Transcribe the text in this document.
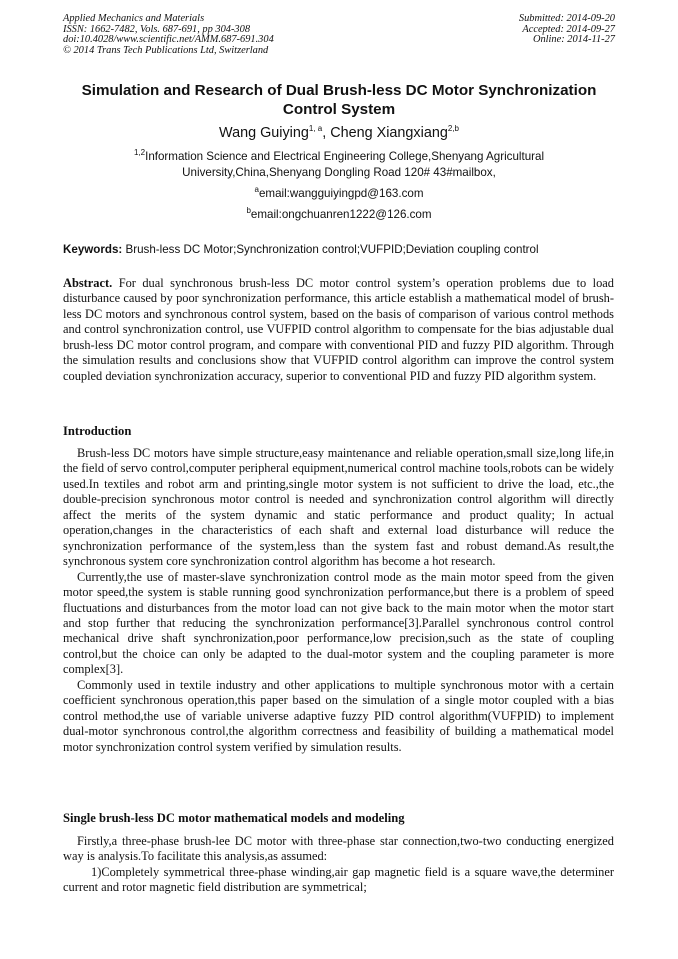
Applied Mechanics and Materials
ISSN: 1662-7482, Vols. 687-691, pp 304-308
doi:10.4028/www.scientific.net/AMM.687-691.304
© 2014 Trans Tech Publications Ltd, Switzerland
Submitted: 2014-09-20
Accepted: 2014-09-27
Online: 2014-11-27
Simulation and Research of Dual Brush-less DC Motor Synchronization
Control System
Wang Guiying$^{1, a}$, Cheng Xiangxiang$^{2,b}$
$^{1,2}$Information Science and Electrical Engineering College,Shenyang Agricultural
University,China,Shenyang Dongling Road 120# 43#mailbox,
$^a$email:wangguiyingpd@163.com
$^b$email:ongchuanren1222@126.com
Keywords: Brush-less DC Motor;Synchronization control;VUFPID;Deviation coupling control

Abstract. For dual synchronous brush-less DC motor control system’s operation problems due to load disturbance caused by poor synchronization performance, this article establish a mathematical model of brush-less DC motors and synchronous control system, based on the basis of comparison of various control methods and control synchronization control, use VUFPID control algorithm to compensate for the bias adjustable dual brush-less DC motor control program, and compare with conventional PID and fuzzy PID algorithm. Through the simulation results and conclusions show that VUFPID control algorithm can improve the control system coupled deviation synchronization accuracy, superior to conventional PID and fuzzy PID algorithm system.

Introduction

Brush-less DC motors have simple structure,easy maintenance and reliable operation,small size,long life,in the field of servo control,computer peripheral equipment,numerical control machine tools,robots can be widely used.In textiles and robot arm and printing,single motor system is not sufficient to drive the load, etc.,the double-precision synchronous motor control is needed and synchronization control algorithm will directly affect the merits of the system dynamic and static performance and product quality; In actual operation,changes in the characteristics of each shaft and external load disturbance will reduce the synchronization performance of the system,less than the system fast and robust demand.As result,the synchronous system core synchronization control algorithm has become a hot research.

Currently,the use of master-slave synchronization control mode as the main motor speed from the given motor speed,the system is stable running good synchronization performance,but there is a problem of speed fluctuations and disturbances from the motor load can not give back to the main motor when the motor start and stop further that reducing the synchronization performance[3].Parallel synchronous control control mechanical drive shaft synchronization,poor performance,low precision,such as the state of coupling control,but the choice can only be adapted to the dual-motor system and the coupling parameter is more complex[3].

Commonly used in textile industry and other applications to multiple synchronous motor with a certain coefficient synchronous operation,this paper based on the simulation of a single motor coupled with a bias control method,the use of variable universe adaptive fuzzy PID control algorithm(VUFPID) to implement dual-motor synchronous control,the algorithm correctness and feasibility of building a mathematical model motor synchronization control system verified by simulation results.

Single brush-less DC motor mathematical models and modeling

Firstly,a three-phase brush-lee DC motor with three-phase star connection,two-two conducting energized way is analysis.To facilitate this analysis,as assumed:

1)Completely symmetrical three-phase winding,air gap magnetic field is a square wave,the determiner current and rotor magnetic field distribution are symmetrical;
